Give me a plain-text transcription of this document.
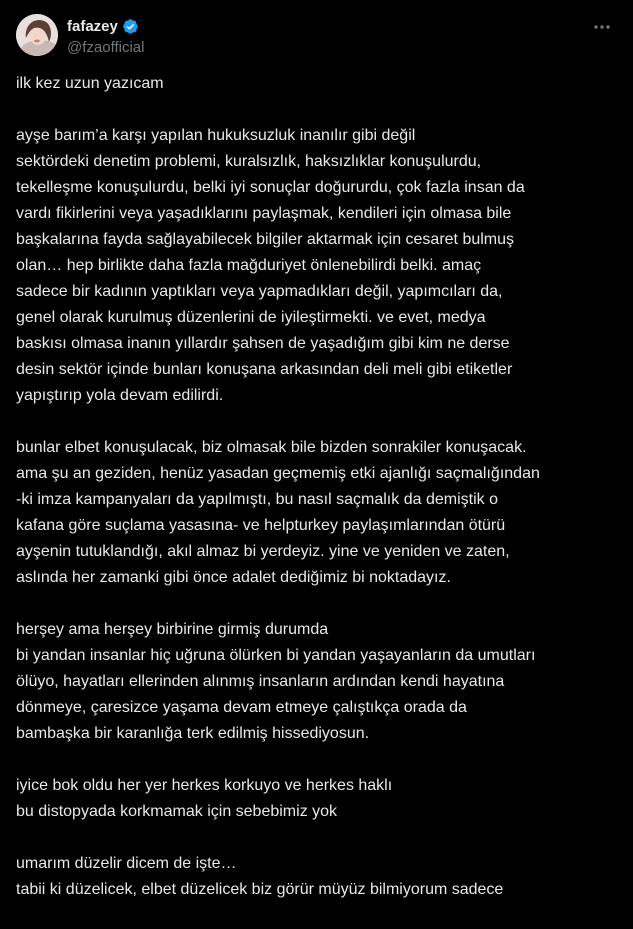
fafazey
@fzaofficial
ilk kez uzun yazıcam
ayşe barım’a karşı yapılan hukuksuzluk inanılır gibi değil
sektördeki denetim problemi, kuralsızlık, haksızlıklar konuşulurdu,
tekelleşme konuşulurdu, belki iyi sonuçlar doğururdu, çok fazla insan da
vardı fikirlerini veya yaşadıklarını paylaşmak, kendileri için olmasa bile
başkalarına fayda sağlayabilecek bilgiler aktarmak için cesaret bulmuş
olan… hep birlikte daha fazla mağduriyet önlenebilirdi belki. amaç
sadece bir kadının yaptıkları veya yapmadıkları değil, yapımcıları da,
genel olarak kurulmuş düzenlerini de iyileştirmekti. ve evet, medya
baskısı olmasa inanın yıllardır şahsen de yaşadığım gibi kim ne derse
desin sektör içinde bunları konuşana arkasından deli meli gibi etiketler
yapıştırıp yola devam edilirdi.
bunlar elbet konuşulacak, biz olmasak bile bizden sonrakiler konuşacak.
ama şu an geziden, henüz yasadan geçmemiş etki ajanlığı saçmalığından
-ki imza kampanyaları da yapılmıştı, bu nasıl saçmalık da demiştik o
kafana göre suçlama yasasına- ve helpturkey paylaşımlarından ötürü
ayşenin tutuklandığı, akıl almaz bi yerdeyiz. yine ve yeniden ve zaten,
aslında her zamanki gibi önce adalet dediğimiz bi noktadayız.
herşey ama herşey birbirine girmiş durumda
bi yandan insanlar hiç uğruna ölürken bi yandan yaşayanların da umutları
ölüyo, hayatları ellerinden alınmış insanların ardından kendi hayatına
dönmeye, çaresizce yaşama devam etmeye çalıştıkça orada da
bambaşka bir karanlığa terk edilmiş hissediyosun.
iyice bok oldu her yer herkes korkuyo ve herkes haklı
bu distopyada korkmamak için sebebimiz yok
umarım düzelir dicem de işte…
tabii ki düzelicek, elbet düzelicek biz görür müyüz bilmiyorum sadece
